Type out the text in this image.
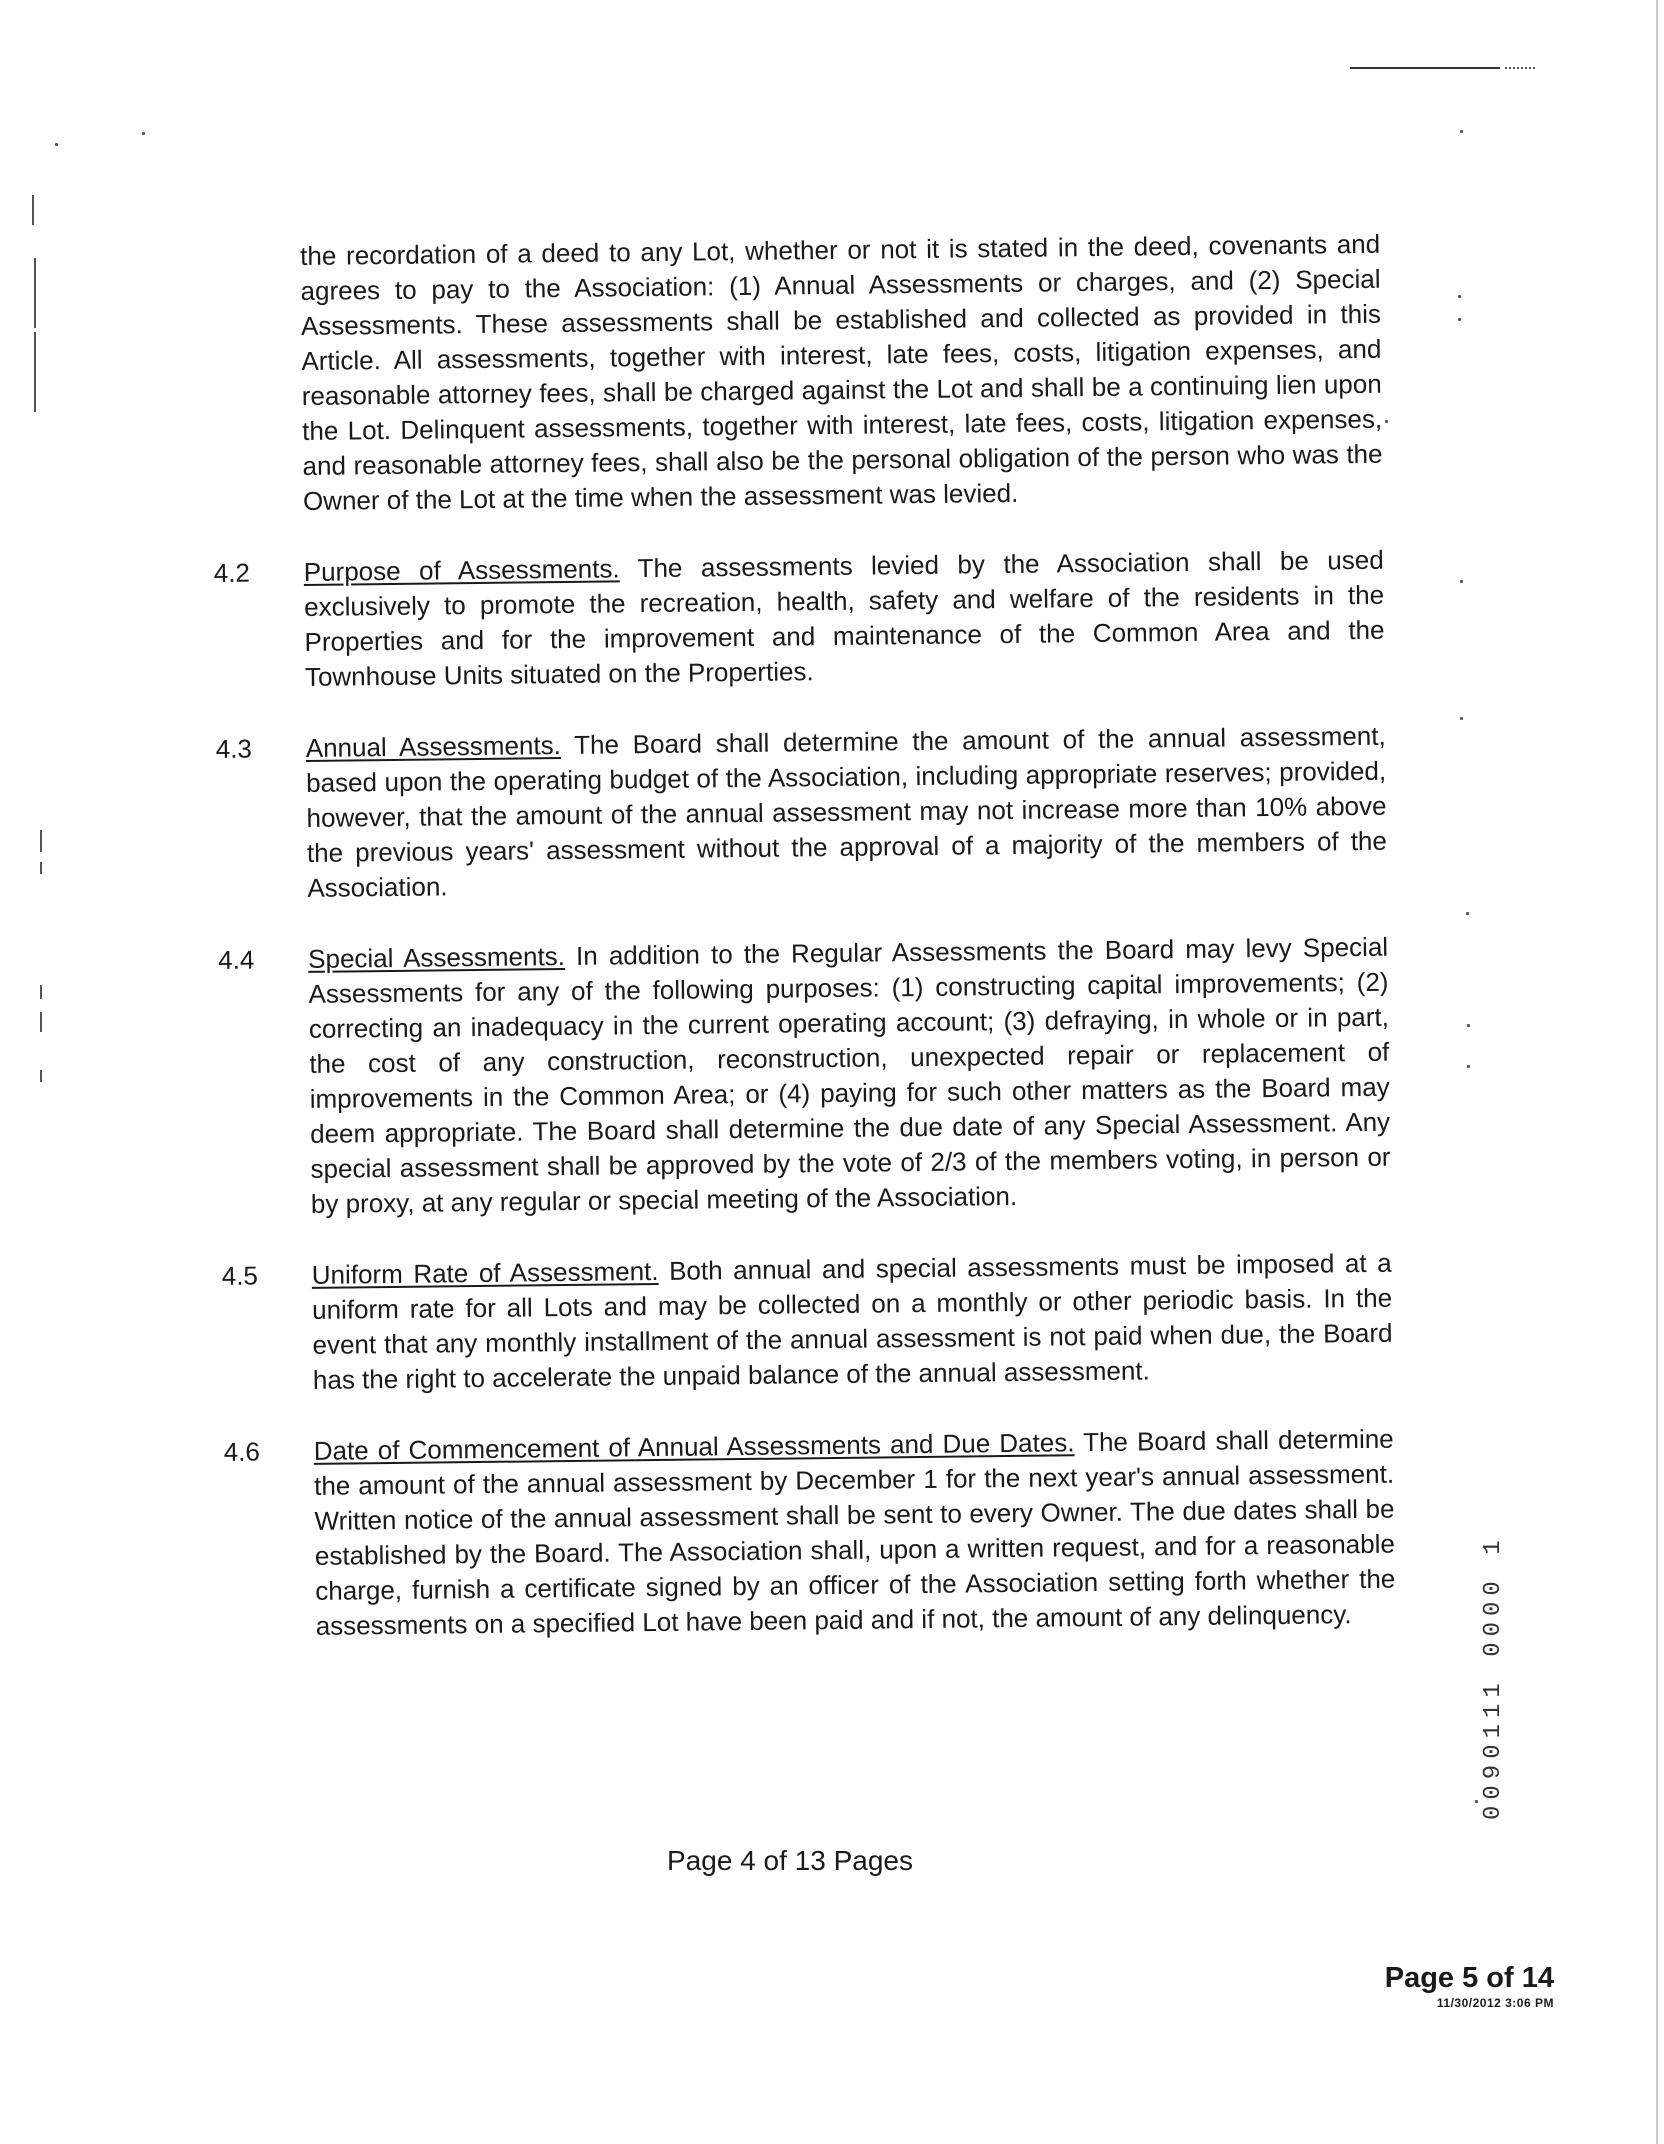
the recordation of a deed to any Lot, whether or not it is stated in the deed, covenants and agrees to pay to the Association: (1) Annual Assessments or charges, and (2) Special Assessments. These assessments shall be established and collected as provided in this Article. All assessments, together with interest, late fees, costs, litigation expenses, and reasonable attorney fees, shall be charged against the Lot and shall be a continuing lien upon the Lot. Delinquent assessments, together with interest, late fees, costs, litigation expenses, and reasonable attorney fees, shall also be the personal obligation of the person who was the Owner of the Lot at the time when the assessment was levied.
4.2	Purpose of Assessments. The assessments levied by the Association shall be used exclusively to promote the recreation, health, safety and welfare of the residents in the Properties and for the improvement and maintenance of the Common Area and the Townhouse Units situated on the Properties.
4.3	Annual Assessments. The Board shall determine the amount of the annual assessment, based upon the operating budget of the Association, including appropriate reserves; provided, however, that the amount of the annual assessment may not increase more than 10% above the previous years' assessment without the approval of a majority of the members of the Association.
4.4	Special Assessments. In addition to the Regular Assessments the Board may levy Special Assessments for any of the following purposes: (1) constructing capital improvements; (2) correcting an inadequacy in the current operating account; (3) defraying, in whole or in part, the cost of any construction, reconstruction, unexpected repair or replacement of improvements in the Common Area; or (4) paying for such other matters as the Board may deem appropriate. The Board shall determine the due date of any Special Assessment. Any special assessment shall be approved by the vote of 2/3 of the members voting, in person or by proxy, at any regular or special meeting of the Association.
4.5	Uniform Rate of Assessment. Both annual and special assessments must be imposed at a uniform rate for all Lots and may be collected on a monthly or other periodic basis. In the event that any monthly installment of the annual assessment is not paid when due, the Board has the right to accelerate the unpaid balance of the annual assessment.
4.6	Date of Commencement of Annual Assessments and Due Dates. The Board shall determine the amount of the annual assessment by December 1 for the next year's annual assessment. Written notice of the annual assessment shall be sent to every Owner. The due dates shall be established by the Board. The Association shall, upon a written request, and for a reasonable charge, furnish a certificate signed by an officer of the Association setting forth whether the assessments on a specified Lot have been paid and if not, the amount of any delinquency.
Page 4 of 13 Pages
0090111 0000 1
Page 5 of 14
11/30/2012 3:06 PM
